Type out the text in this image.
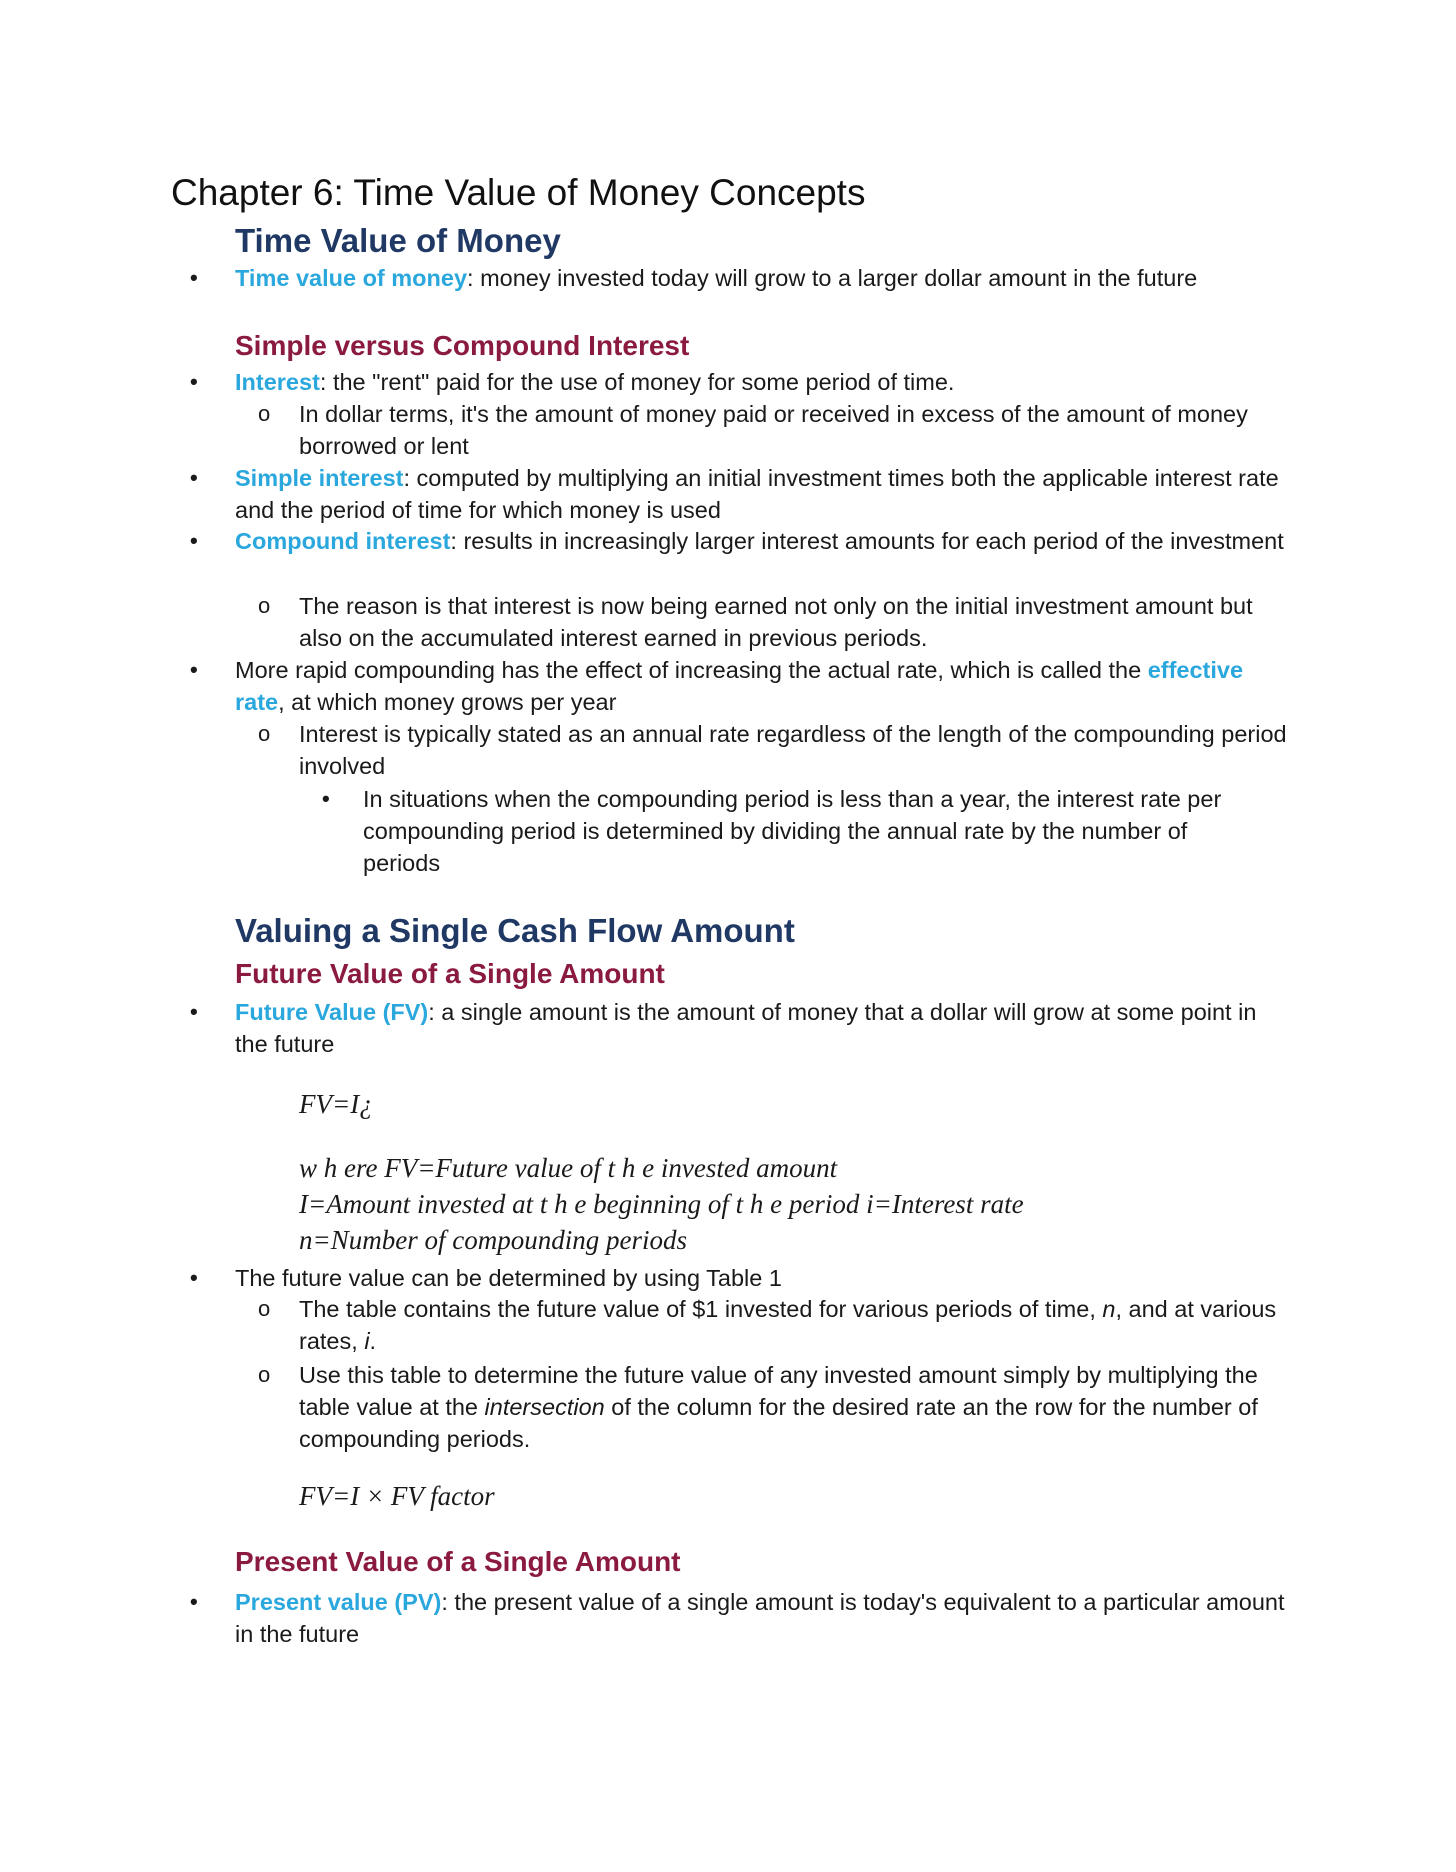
Chapter 6: Time Value of Money Concepts
Time Value of Money
• Time value of money: money invested today will grow to a larger dollar amount in the future
Simple versus Compound Interest
• Interest: the "rent" paid for the use of money for some period of time.
o In dollar terms, it's the amount of money paid or received in excess of the amount of money borrowed or lent
• Simple interest: computed by multiplying an initial investment times both the applicable interest rate and the period of time for which money is used
• Compound interest: results in increasingly larger interest amounts for each period of the investment
o The reason is that interest is now being earned not only on the initial investment amount but also on the accumulated interest earned in previous periods.
• More rapid compounding has the effect of increasing the actual rate, which is called the effective rate, at which money grows per year
o Interest is typically stated as an annual rate regardless of the length of the compounding period involved
• In situations when the compounding period is less than a year, the interest rate per compounding period is determined by dividing the annual rate by the number of periods
Valuing a Single Cash Flow Amount
Future Value of a Single Amount
• Future Value (FV): a single amount is the amount of money that a dollar will grow at some point in the future
FV=I¿
w h ere FV=Future value of t h e invested amount
I=Amount invested at t h e beginning of t h e period i=Interest rate
n=Number of compounding periods
• The future value can be determined by using Table 1
o The table contains the future value of $1 invested for various periods of time, n, and at various rates, i.
o Use this table to determine the future value of any invested amount simply by multiplying the table value at the intersection of the column for the desired rate an the row for the number of compounding periods.
FV=I × FV factor
Present Value of a Single Amount
• Present value (PV): the present value of a single amount is today's equivalent to a particular amount in the future
